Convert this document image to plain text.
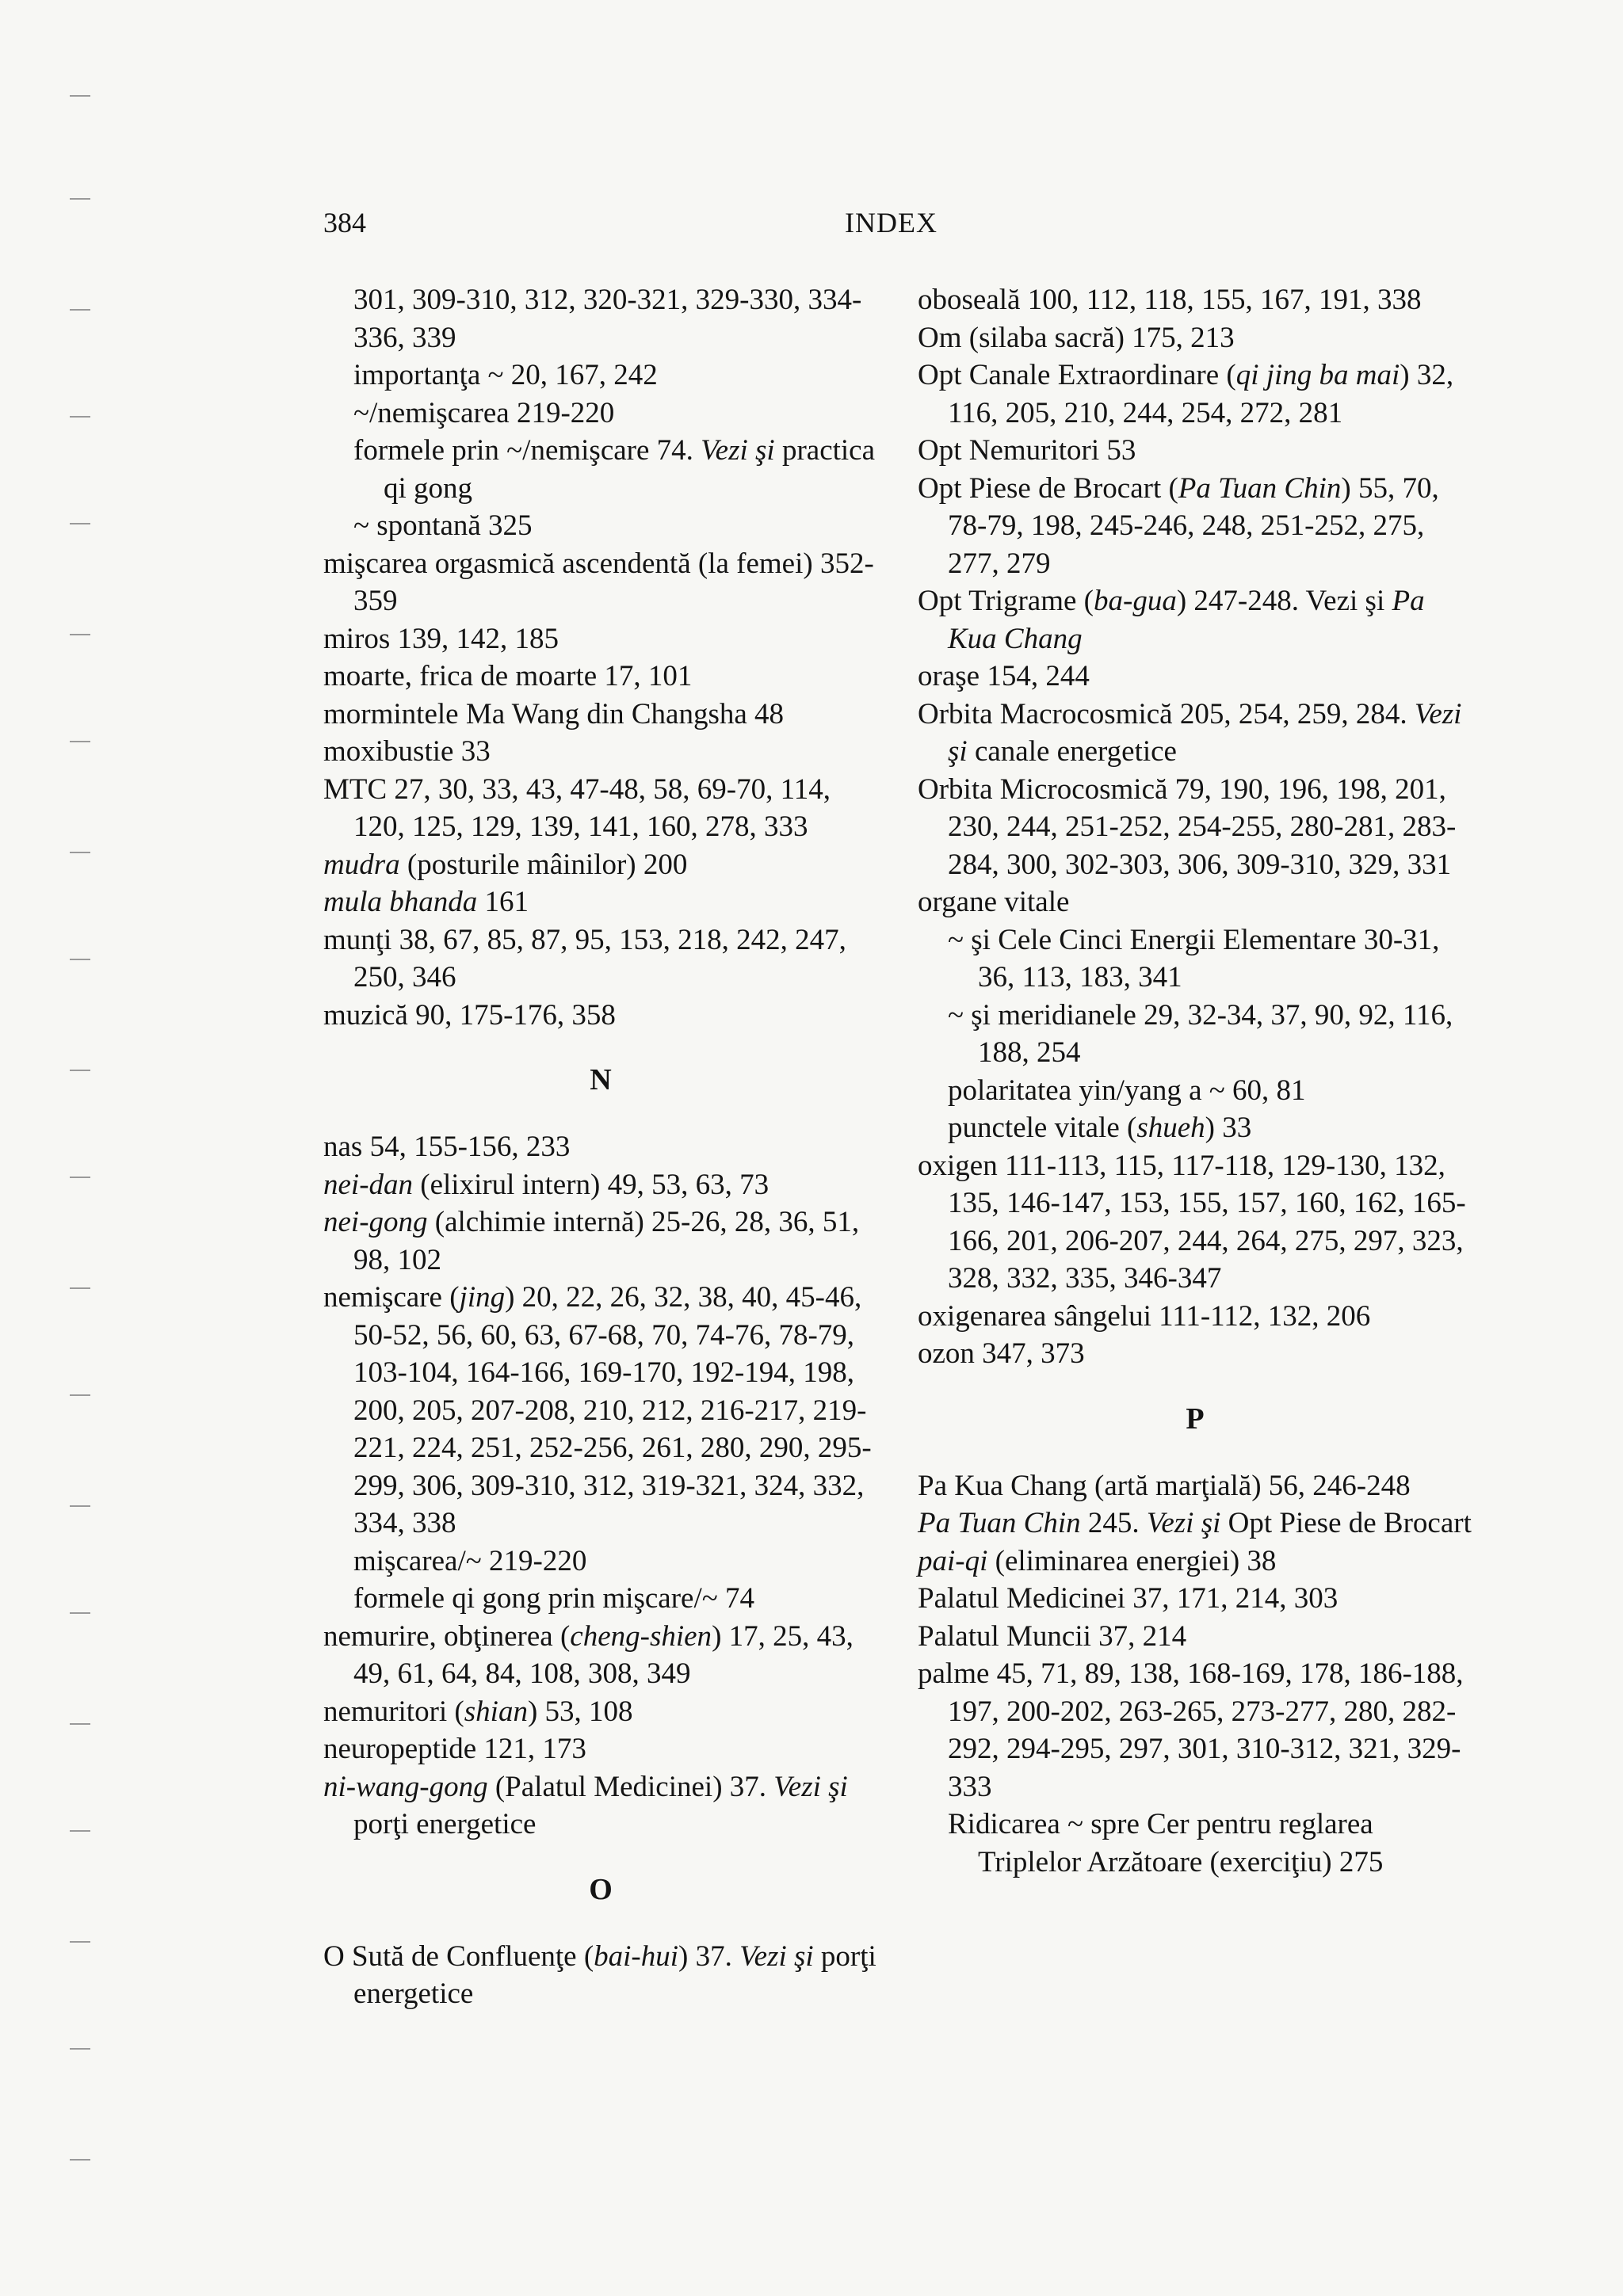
384	INDEX

301, 309-310, 312, 320-321, 329-330, 334-336, 339

importanţa ~ 20, 167, 242

~/nemişcarea 219-220

formele prin ~/nemişcare 74. Vezi şi practica qi gong

~ spontană 325

mişcarea orgasmică ascendentă (la femei) 352-359

miros 139, 142, 185

moarte, frica de moarte 17, 101

mormintele Ma Wang din Changsha 48

moxibustie 33

MTC 27, 30, 33, 43, 47-48, 58, 69-70, 114, 120, 125, 129, 139, 141, 160, 278, 333

mudra (posturile mâinilor) 200

mula bhanda 161

munţi 38, 67, 85, 87, 95, 153, 218, 242, 247, 250, 346

muzică 90, 175-176, 358

N

nas 54, 155-156, 233

nei-dan (elixirul intern) 49, 53, 63, 73

nei-gong (alchimie internă) 25-26, 28, 36, 51, 98, 102

nemişcare (jing) 20, 22, 26, 32, 38, 40, 45-46, 50-52, 56, 60, 63, 67-68, 70, 74-76, 78-79, 103-104, 164-166, 169-170, 192-194, 198, 200, 205, 207-208, 210, 212, 216-217, 219-221, 224, 251, 252-256, 261, 280, 290, 295-299, 306, 309-310, 312, 319-321, 324, 332, 334, 338

mişcarea/~ 219-220

formele qi gong prin mişcare/~ 74

nemurire, obţinerea (cheng-shien) 17, 25, 43, 49, 61, 64, 84, 108, 308, 349

nemuritori (shian) 53, 108

neuropeptide 121, 173

ni-wang-gong (Palatul Medicinei) 37. Vezi şi porţi energetice

O

O Sută de Confluenţe (bai-hui) 37. Vezi şi porţi energetice

oboseală 100, 112, 118, 155, 167, 191, 338

Om (silaba sacră) 175, 213

Opt Canale Extraordinare (qi jing ba mai) 32, 116, 205, 210, 244, 254, 272, 281

Opt Nemuritori 53

Opt Piese de Brocart (Pa Tuan Chin) 55, 70, 78-79, 198, 245-246, 248, 251-252, 275, 277, 279

Opt Trigrame (ba-gua) 247-248. Vezi şi Pa Kua Chang

oraşe 154, 244

Orbita Macrocosmică 205, 254, 259, 284. Vezi şi canale energetice

Orbita Microcosmică 79, 190, 196, 198, 201, 230, 244, 251-252, 254-255, 280-281, 283-284, 300, 302-303, 306, 309-310, 329, 331

organe vitale

~ şi Cele Cinci Energii Elementare 30-31, 36, 113, 183, 341

~ şi meridianele 29, 32-34, 37, 90, 92, 116, 188, 254

polaritatea yin/yang a ~ 60, 81

punctele vitale (shueh) 33

oxigen 111-113, 115, 117-118, 129-130, 132, 135, 146-147, 153, 155, 157, 160, 162, 165-166, 201, 206-207, 244, 264, 275, 297, 323, 328, 332, 335, 346-347

oxigenarea sângelui 111-112, 132, 206

ozon 347, 373

P

Pa Kua Chang (artă marţială) 56, 246-248

Pa Tuan Chin 245. Vezi şi Opt Piese de Brocart

pai-qi (eliminarea energiei) 38

Palatul Medicinei 37, 171, 214, 303

Palatul Muncii 37, 214

palme 45, 71, 89, 138, 168-169, 178, 186-188, 197, 200-202, 263-265, 273-277, 280, 282-292, 294-295, 297, 301, 310-312, 321, 329-333

Ridicarea ~ spre Cer pentru reglarea Triplelor Arzătoare (exerciţiu) 275
